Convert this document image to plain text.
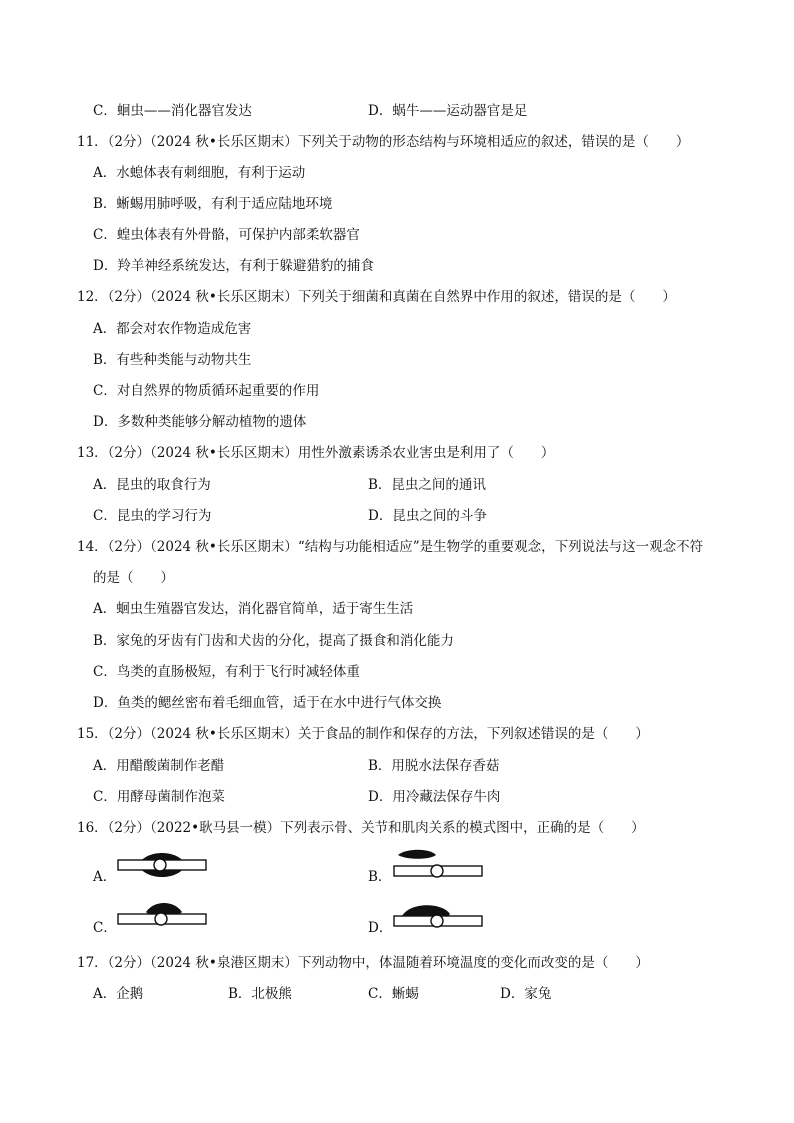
C．蛔虫——消化器官发达	D．蜗牛——运动器官是足
11．（2分）（2024 秋•长乐区期末）下列关于动物的形态结构与环境相适应的叙述，错误的是（　　）
A．水螅体表有刺细胞，有利于运动
B．蜥蜴用肺呼吸，有利于适应陆地环境
C．蝗虫体表有外骨骼，可保护内部柔软器官
D．羚羊神经系统发达，有利于躲避猎豹的捕食
12．（2分）（2024 秋•长乐区期末）下列关于细菌和真菌在自然界中作用的叙述，错误的是（　　）
A．都会对农作物造成危害
B．有些种类能与动物共生
C．对自然界的物质循环起重要的作用
D．多数种类能够分解动植物的遗体
13．（2分）（2024 秋•长乐区期末）用性外激素诱杀农业害虫是利用了（　　）
A．昆虫的取食行为	B．昆虫之间的通讯
C．昆虫的学习行为	D．昆虫之间的斗争
14．（2分）（2024 秋•长乐区期末）“结构与功能相适应”是生物学的重要观念，下列说法与这一观念不符
的是（　　）
A．蛔虫生殖器官发达，消化器官简单，适于寄生生活
B．家兔的牙齿有门齿和犬齿的分化，提高了摄食和消化能力
C．鸟类的直肠极短，有利于飞行时减轻体重
D．鱼类的鳃丝密布着毛细血管，适于在水中进行气体交换
15．（2分）（2024 秋•长乐区期末）关于食品的制作和保存的方法，下列叙述错误的是（　　）
A．用醋酸菌制作老醋	B．用脱水法保存香菇
C．用酵母菌制作泡菜	D．用冷藏法保存牛肉
16．（2分）（2022•耿马县一模）下列表示骨、关节和肌肉关系的模式图中，正确的是（　　）
A．	B．
C．	D．
17．（2分）（2024 秋•泉港区期末）下列动物中，体温随着环境温度的变化而改变的是（　　）
A．企鹅	B．北极熊	C．蜥蜴	D．家兔
